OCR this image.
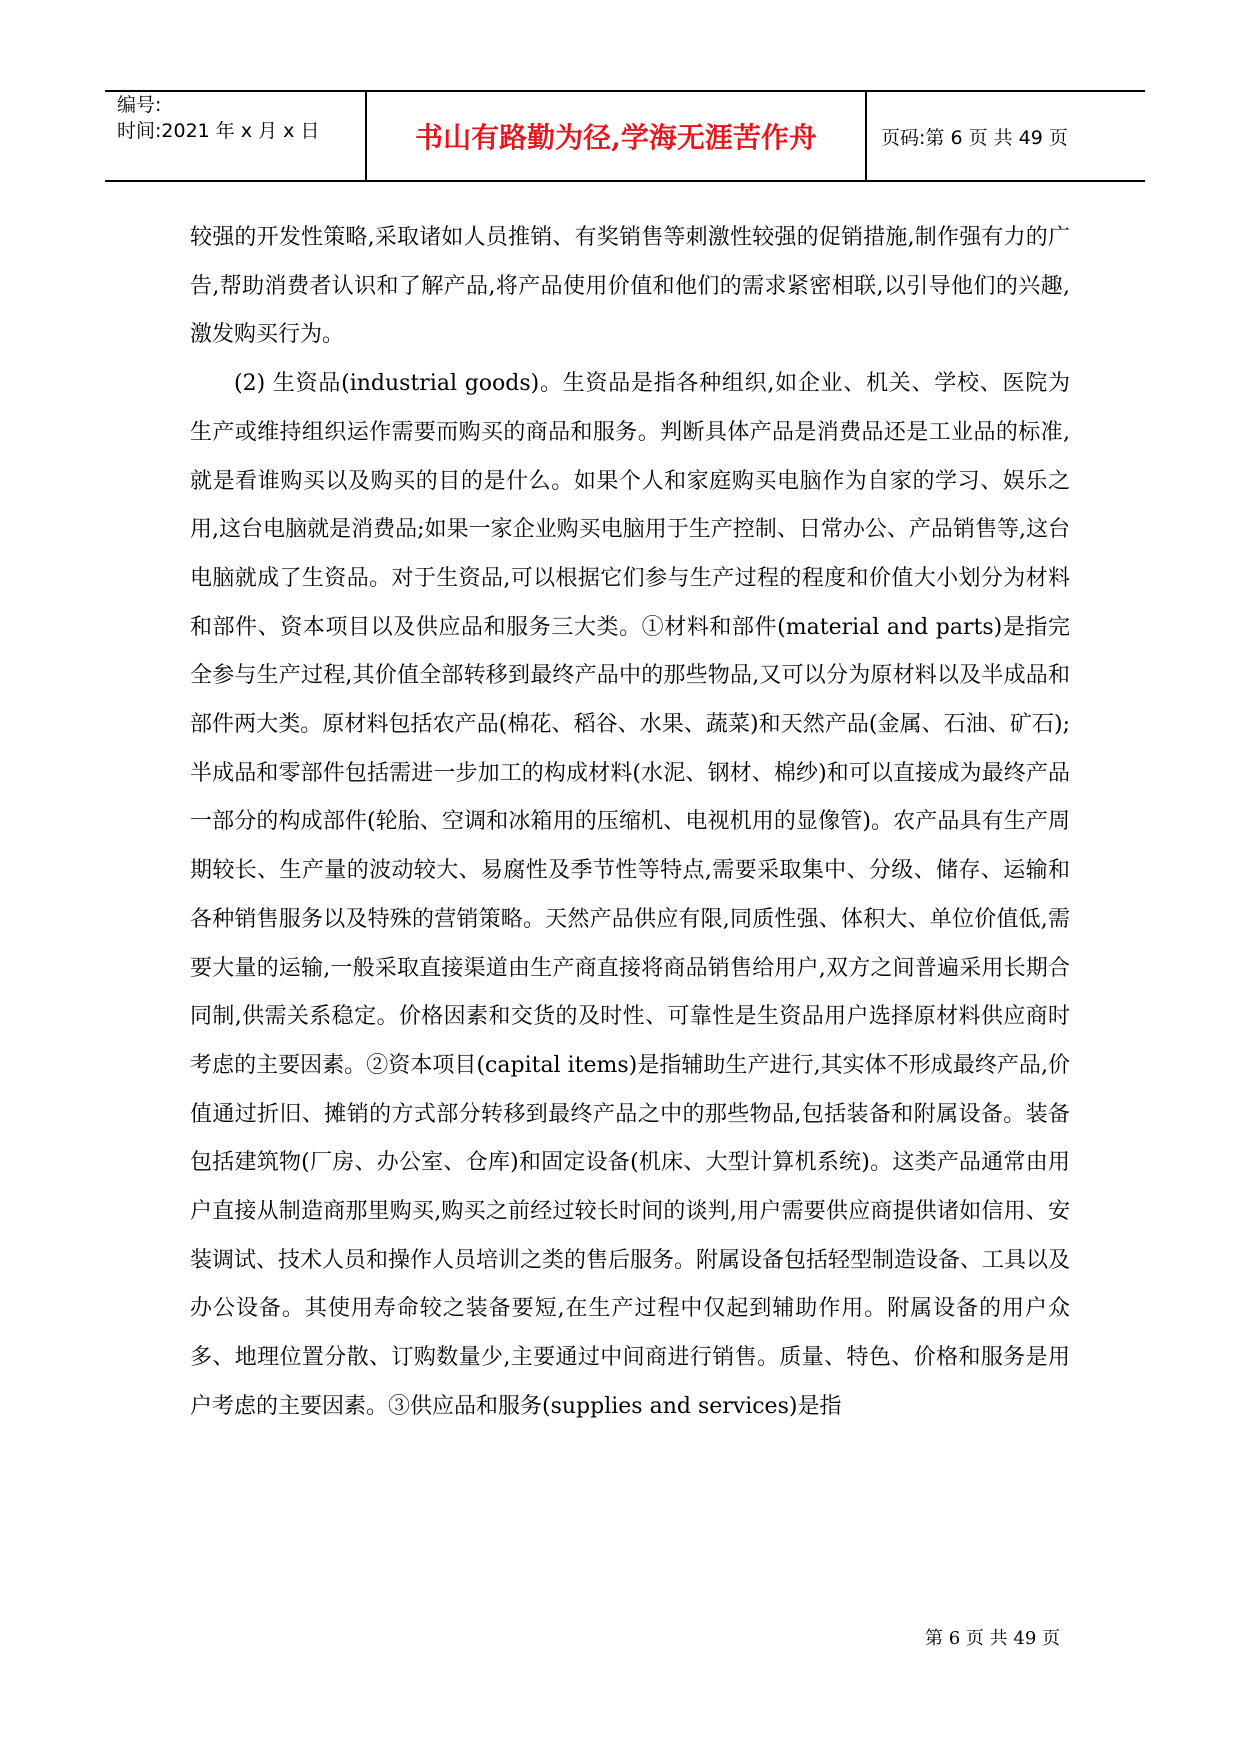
编号:
时间:2021 年 x 月 x 日	书山有路勤为径,学海无涯苦作舟	页码:第 6 页 共 49 页

较强的开发性策略,采取诸如人员推销、有奖销售等刺激性较强的促销措施,制作强有力的广告,帮助消费者认识和了解产品,将产品使用价值和他们的需求紧密相联,以引导他们的兴趣,激发购买行为。

(2) 生资品(industrial goods)。生资品是指各种组织,如企业、机关、学校、医院为生产或维持组织运作需要而购买的商品和服务。判断具体产品是消费品还是工业品的标准,就是看谁购买以及购买的目的是什么。如果个人和家庭购买电脑作为自家的学习、娱乐之用,这台电脑就是消费品;如果一家企业购买电脑用于生产控制、日常办公、产品销售等,这台电脑就成了生资品。对于生资品,可以根据它们参与生产过程的程度和价值大小划分为材料和部件、资本项目以及供应品和服务三大类。①材料和部件(material and parts)是指完全参与生产过程,其价值全部转移到最终产品中的那些物品,又可以分为原材料以及半成品和部件两大类。原材料包括农产品(棉花、稻谷、水果、蔬菜)和天然产品(金属、石油、矿石);半成品和零部件包括需进一步加工的构成材料(水泥、钢材、棉纱)和可以直接成为最终产品一部分的构成部件(轮胎、空调和冰箱用的压缩机、电视机用的显像管)。农产品具有生产周期较长、生产量的波动较大、易腐性及季节性等特点,需要采取集中、分级、储存、运输和各种销售服务以及特殊的营销策略。天然产品供应有限,同质性强、体积大、单位价值低,需要大量的运输,一般采取直接渠道由生产商直接将商品销售给用户,双方之间普遍采用长期合同制,供需关系稳定。价格因素和交货的及时性、可靠性是生资品用户选择原材料供应商时考虑的主要因素。②资本项目(capital items)是指辅助生产进行,其实体不形成最终产品,价值通过折旧、摊销的方式部分转移到最终产品之中的那些物品,包括装备和附属设备。装备包括建筑物(厂房、办公室、仓库)和固定设备(机床、大型计算机系统)。这类产品通常由用户直接从制造商那里购买,购买之前经过较长时间的谈判,用户需要供应商提供诸如信用、安装调试、技术人员和操作人员培训之类的售后服务。附属设备包括轻型制造设备、工具以及办公设备。其使用寿命较之装备要短,在生产过程中仅起到辅助作用。附属设备的用户众多、地理位置分散、订购数量少,主要通过中间商进行销售。质量、特色、价格和服务是用户考虑的主要因素。③供应品和服务(supplies and services)是指

第 6 页 共 49 页
